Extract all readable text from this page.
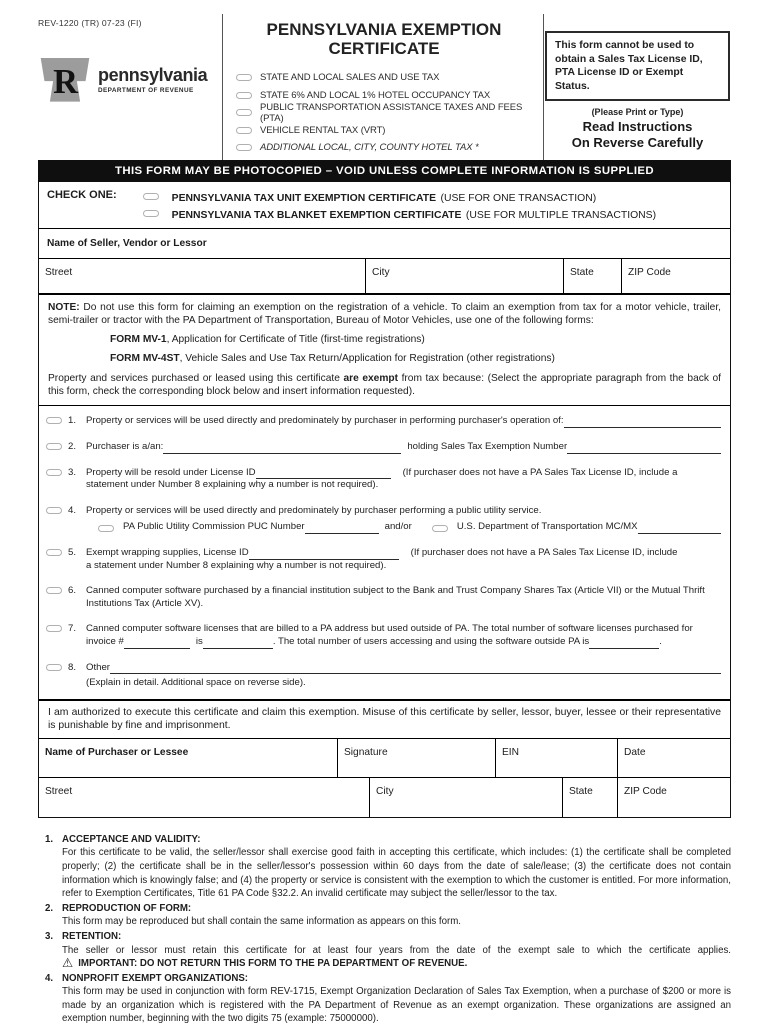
REV-1220 (TR) 07-23 (FI)
R pennsylvania
DEPARTMENT OF REVENUE
PENNSYLVANIA EXEMPTION
CERTIFICATE
STATE AND LOCAL SALES AND USE TAX
STATE 6% AND LOCAL 1% HOTEL OCCUPANCY TAX
PUBLIC TRANSPORTATION ASSISTANCE TAXES AND FEES (PTA)
VEHICLE RENTAL TAX (VRT)
ADDITIONAL LOCAL, CITY, COUNTY HOTEL TAX *
This form cannot be used to obtain a Sales Tax License ID, PTA License ID or Exempt Status.
(Please Print or Type)
Read Instructions
On Reverse Carefully
THIS FORM MAY BE PHOTOCOPIED – VOID UNLESS COMPLETE INFORMATION IS SUPPLIED
CHECK ONE:	PENNSYLVANIA TAX UNIT EXEMPTION CERTIFICATE (USE FOR ONE TRANSACTION)
PENNSYLVANIA TAX BLANKET EXEMPTION CERTIFICATE (USE FOR MULTIPLE TRANSACTIONS)
Name of Seller, Vendor or Lessor
Street	City	State	ZIP Code

NOTE: Do not use this form for claiming an exemption on the registration of a vehicle. To claim an exemption from tax for a motor vehicle, trailer, semi-trailer or tractor with the PA Department of Transportation, Bureau of Motor Vehicles, use one of the following forms:

FORM MV-1, Application for Certificate of Title (first-time registrations)

FORM MV-4ST, Vehicle Sales and Use Tax Return/Application for Registration (other registrations)

Property and services purchased or leased using this certificate are exempt from tax because: (Select the appropriate paragraph from the back of this form, check the corresponding block below and insert information requested).

1.	Property or services will be used directly and predominately by purchaser in performing purchaser's operation of:
2.	Purchaser is a/an:	holding Sales Tax Exemption Number
3.	Property will be resold under License ID	(If purchaser does not have a PA Sales Tax License ID, include a
statement under Number 8 explaining why a number is not required).
4.	Property or services will be used directly and predominately by purchaser performing a public utility service.
PA Public Utility Commission PUC Number	and/or	U.S. Department of Transportation MC/MX
5.	Exempt wrapping supplies, License ID	(If purchaser does not have a PA Sales Tax License ID, include
a statement under Number 8 explaining why a number is not required).
6.	Canned computer software purchased by a financial institution subject to the Bank and Trust Company Shares Tax (Article VII) or the Mutual Thrift
Institutions Tax (Article XV).
7.	Canned computer software licenses that are billed to a PA address but used outside of PA. The total number of software licenses purchased for
invoice #	is	. The total number of users accessing and using the software outside PA is	.
8.	Other
(Explain in detail. Additional space on reverse side).
I am authorized to execute this certificate and claim this exemption. Misuse of this certificate by seller, lessor, buyer, lessee or their representative is punishable by fine and imprisonment.
Name of Purchaser or Lessee	Signature	EIN	Date
Street	City	State	ZIP Code
1. ACCEPTANCE AND VALIDITY:
For this certificate to be valid, the seller/lessor shall exercise good faith in accepting this certificate, which includes: (1) the certificate shall be completed properly; (2) the certificate shall be in the seller/lessor's possession within 60 days from the date of sale/lease; (3) the certificate does not contain information which is knowingly false; and (4) the property or service is consistent with the exemption to which the customer is entitled. For more information, refer to Exemption Certificates, Title 61 PA Code §32.2. An invalid certificate may subject the seller/lessor to the tax.
2. REPRODUCTION OF FORM:
This form may be reproduced but shall contain the same information as appears on this form.
3. RETENTION:
The seller or lessor must retain this certificate for at least four years from the date of the exempt sale to which the certificate applies.
⚠ IMPORTANT: DO NOT RETURN THIS FORM TO THE PA DEPARTMENT OF REVENUE.
4. NONPROFIT EXEMPT ORGANIZATIONS:
This form may be used in conjunction with form REV-1715, Exempt Organization Declaration of Sales Tax Exemption, when a purchase of $200 or more is made by an organization which is registered with the PA Department of Revenue as an exempt organization. These organizations are assigned an exemption number, beginning with the two digits 75 (example: 75000000).
